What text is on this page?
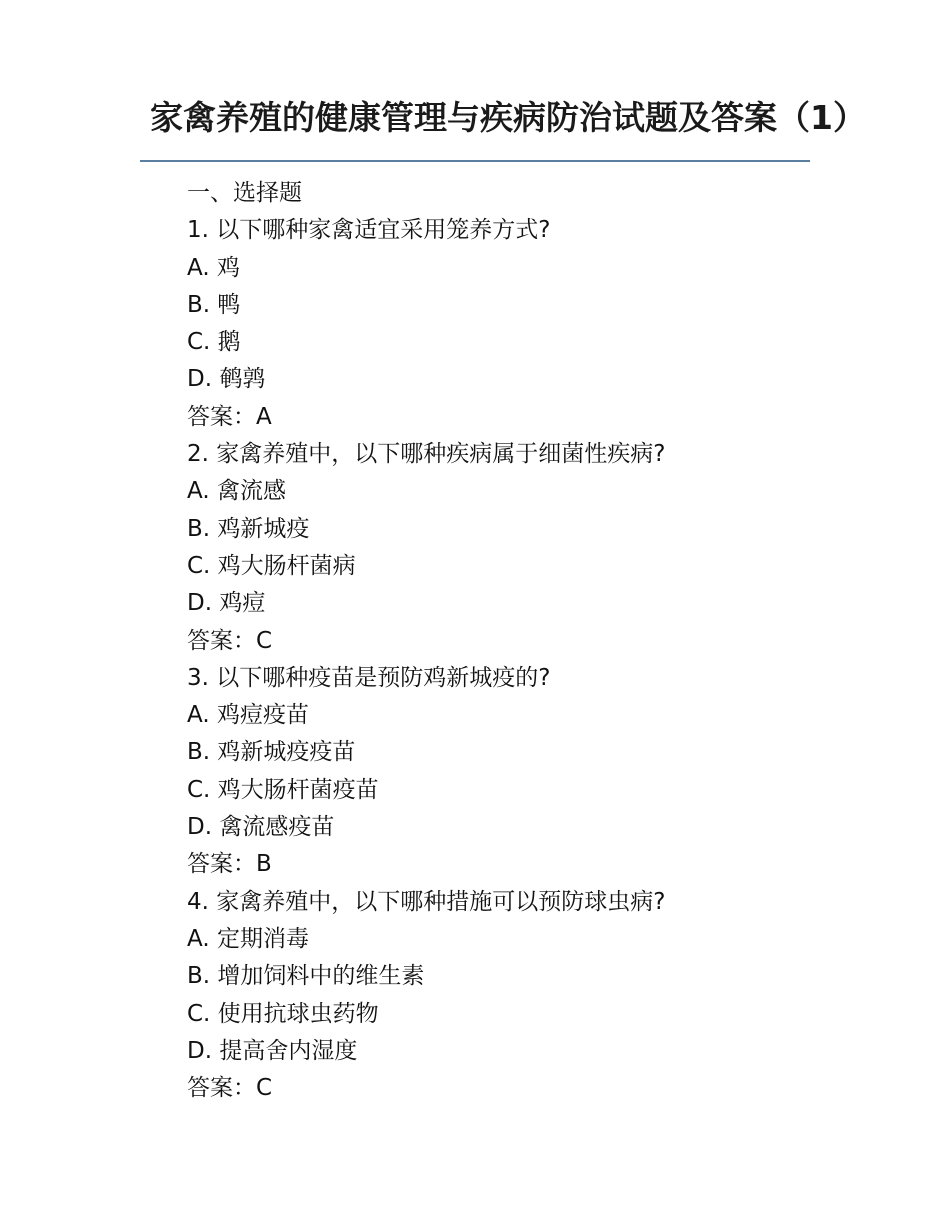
家禽养殖的健康管理与疾病防治试题及答案（1）
一、选择题
1. 以下哪种家禽适宜采用笼养方式?
A. 鸡
B. 鸭
C. 鹅
D. 鹌鹑
答案：A
2. 家禽养殖中，以下哪种疾病属于细菌性疾病?
A. 禽流感
B. 鸡新城疫
C. 鸡大肠杆菌病
D. 鸡痘
答案：C
3. 以下哪种疫苗是预防鸡新城疫的?
A. 鸡痘疫苗
B. 鸡新城疫疫苗
C. 鸡大肠杆菌疫苗
D. 禽流感疫苗
答案：B
4. 家禽养殖中，以下哪种措施可以预防球虫病?
A. 定期消毒
B. 增加饲料中的维生素
C. 使用抗球虫药物
D. 提高舍内湿度
答案：C
